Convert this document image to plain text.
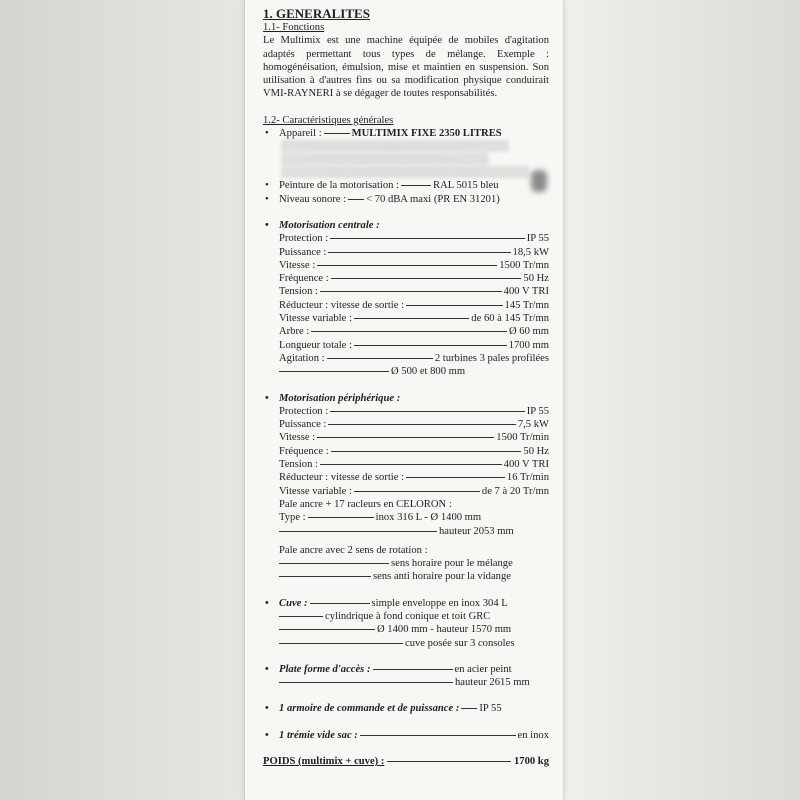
1. GENERALITES
1.1- Fonctions
Le Multimix est une machine équipée de mobiles d'agitation adaptés permettant tous types de mélange. Exemple : homogénéisation, émulsion, mise et maintien en suspension. Son utilisation à d'autres fins ou sa modification physique conduirait VMI-RAYNERI à se dégager de toutes responsabilités.
1.2- Caractéristiques générales
• Appareil :	MULTIMIX FIXE 2350 LITRES
• Peinture de la motorisation :	RAL 5015 bleu
• Niveau sonore : < 70 dBA maxi (PR EN 31201)
• Motorisation centrale :
Protection :	IP 55
Puissance :	18,5 kW
Vitesse :	1500 Tr/mn
Fréquence :	50 Hz
Tension :	400 V TRI
Réducteur : vitesse de sortie :	145 Tr/mn
Vitesse variable :	de 60 à 145 Tr/mn
Arbre :	Ø 60 mm
Longueur totale :	1700 mm
Agitation :	2 turbines 3 pales profilées
Ø 500 et 800 mm
• Motorisation périphérique :
Protection :	IP 55
Puissance :	7,5 kW
Vitesse :	1500 Tr/min
Fréquence :	50 Hz
Tension :	400 V TRI
Réducteur : vitesse de sortie :	16 Tr/min
Vitesse variable :	de 7 à 20 Tr/mn
Pale ancre + 17 racleurs en CELORON :
Type :	inox 316 L - Ø 1400 mm
hauteur 2053 mm
Pale ancre avec 2 sens de rotation :
sens horaire pour le mélange
sens anti horaire pour la vidange
• Cuve :	simple enveloppe en inox 304 L
cylindrique à fond conique et toit GRC
Ø 1400 mm - hauteur 1570 mm
cuve posée sur 3 consoles
• Plate forme d'accès :	en acier peint
hauteur 2615 mm
• 1 armoire de commande et de puissance : IP 55
• 1 trémie vide sac :	en inox
POIDS (multimix + cuve) :	1700 kg
